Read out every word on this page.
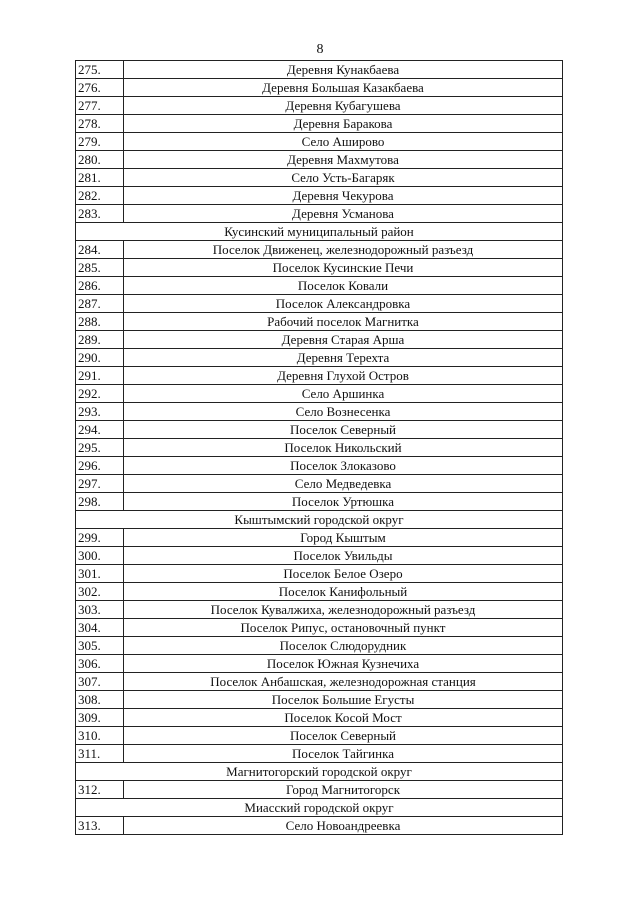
8
275.	Деревня Кунакбаева
276.	Деревня Большая Казакбаева
277.	Деревня Кубагушева
278.	Деревня Баракова
279.	Село Аширово
280.	Деревня Махмутова
281.	Село Усть-Багаряк
282.	Деревня Чекурова
283.	Деревня Усманова
Кусинский муниципальный район	
284.	Поселок Движенец, железнодорожный разъезд
285.	Поселок Кусинские Печи
286.	Поселок Ковали
287.	Поселок Александровка
288.	Рабочий поселок Магнитка
289.	Деревня Старая Арша
290.	Деревня Терехта
291.	Деревня Глухой Остров
292.	Село Аршинка
293.	Село Вознесенка
294.	Поселок Северный
295.	Поселок Никольский
296.	Поселок Злоказово
297.	Село Медведевка
298.	Поселок Уртюшка
Кыштымский городской округ	
299.	Город Кыштым
300.	Поселок Увильды
301.	Поселок Белое Озеро
302.	Поселок Канифольный
303.	Поселок Кувалжиха, железнодорожный разъезд
304.	Поселок Рипус, остановочный пункт
305.	Поселок Слюдорудник
306.	Поселок Южная Кузнечиха
307.	Поселок Анбашская, железнодорожная станция
308.	Поселок Большие Егусты
309.	Поселок Косой Мост
310.	Поселок Северный
311.	Поселок Тайгинка
Магнитогорский городской округ	
312.	Город Магнитогорск
Миасский городской округ	
313.	Село Новоандреевка
